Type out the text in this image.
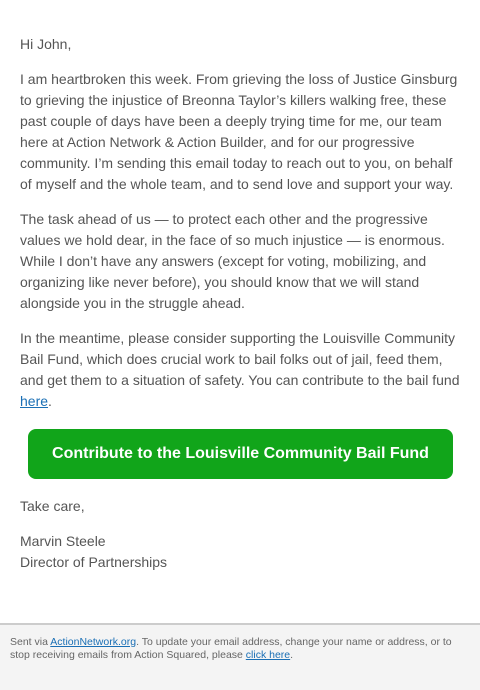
Hi John,

I am heartbroken this week. From grieving the loss of Justice Ginsburg to grieving the injustice of Breonna Taylor’s killers walking free, these past couple of days have been a deeply trying time for me, our team here at Action Network & Action Builder, and for our progressive community. I’m sending this email today to reach out to you, on behalf of myself and the whole team, and to send love and support your way.

The task ahead of us — to protect each other and the progressive values we hold dear, in the face of so much injustice — is enormous. While I don’t have any answers (except for voting, mobilizing, and organizing like never before), you should know that we will stand alongside you in the struggle ahead.

In the meantime, please consider supporting the Louisville Community Bail Fund, which does crucial work to bail folks out of jail, feed them, and get them to a situation of safety. You can contribute to the bail fund here.

Contribute to the Louisville Community Bail Fund

Take care,

Marvin Steele
Director of Partnerships
Sent via ActionNetwork.org. To update your email address, change your name or address, or to stop receiving emails from Action Squared, please click here.
